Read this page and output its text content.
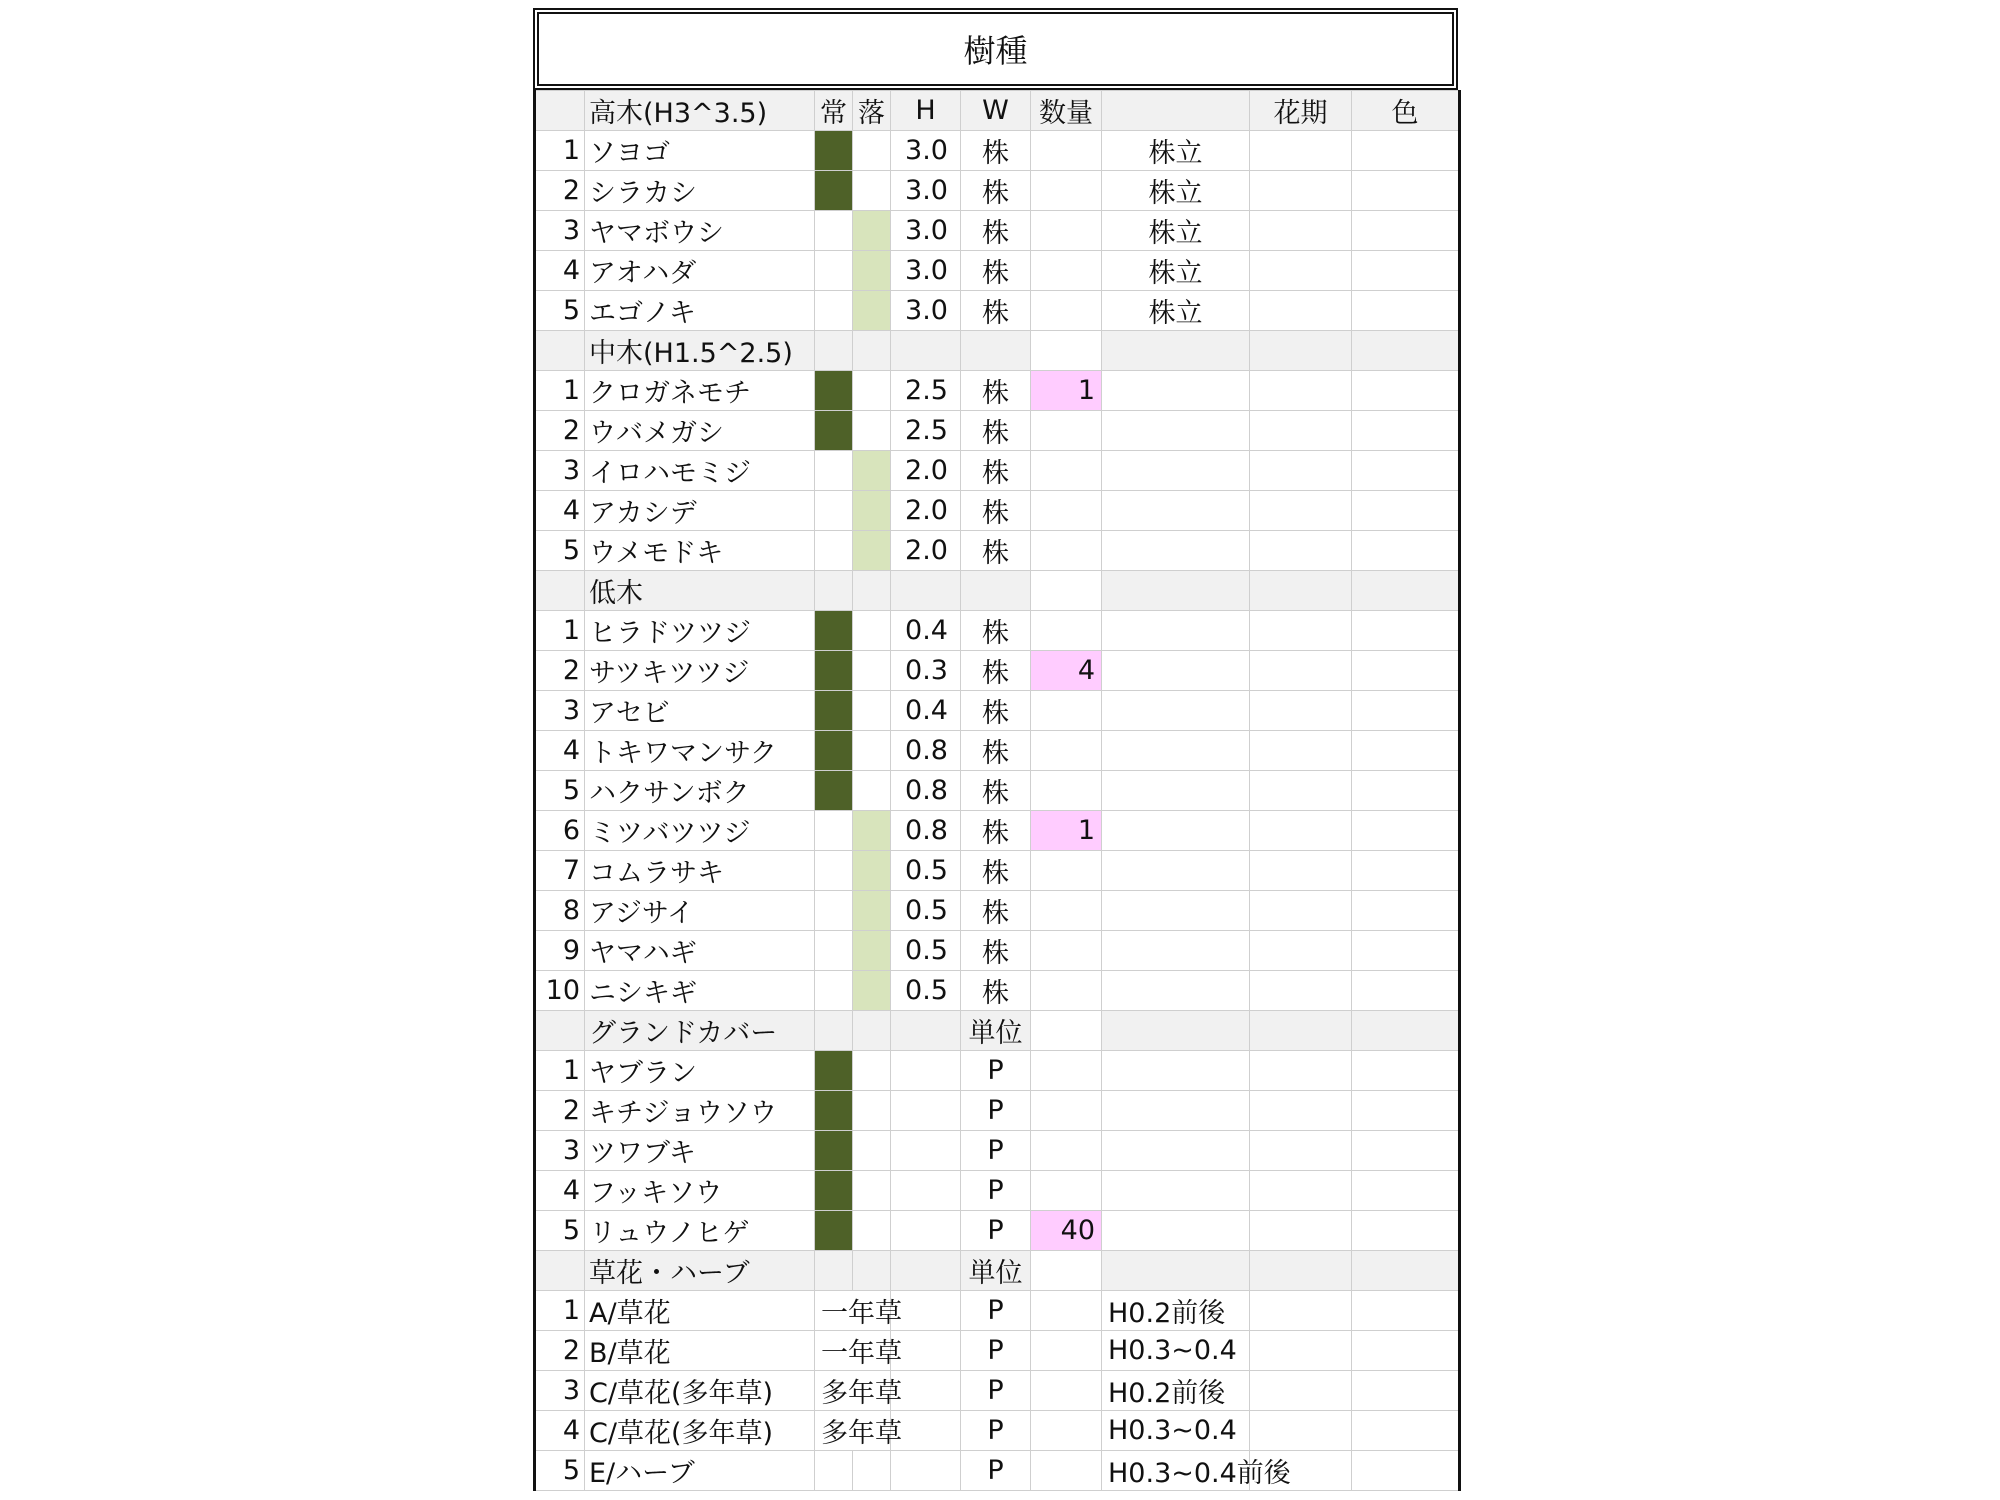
樹種
	高木(H3^3.5)	常	落	H	W	数量		花期	色
1	ソヨゴ			3.0	株		株立		
2	シラカシ			3.0	株		株立		
3	ヤマボウシ			3.0	株		株立		
4	アオハダ			3.0	株		株立		
5	エゴノキ			3.0	株		株立		
	中木(H1.5^2.5)								
1	クロガネモチ			2.5	株	1			
2	ウバメガシ			2.5	株				
3	イロハモミジ			2.0	株				
4	アカシデ			2.0	株				
5	ウメモドキ			2.0	株				
	低木								
1	ヒラドツツジ			0.4	株				
2	サツキツツジ			0.3	株	4			
3	アセビ			0.4	株				
4	トキワマンサク			0.8	株				
5	ハクサンボク			0.8	株				
6	ミツバツツジ			0.8	株	1			
7	コムラサキ			0.5	株				
8	アジサイ			0.5	株				
9	ヤマハギ			0.5	株				
10	ニシキギ			0.5	株				
	グランドカバー				単位				
1	ヤブラン				P				
2	キチジョウソウ				P				
3	ツワブキ				P				
4	フッキソウ				P				
5	リュウノヒゲ				P	40			
	草花・ハーブ				単位				
1	A/草花	一年草			P		H0.2前後		
2	B/草花	一年草			P		H0.3~0.4		
3	C/草花(多年草)	多年草			P		H0.2前後		
4	C/草花(多年草)	多年草			P		H0.3~0.4		
5	E/ハーブ				P		H0.3~0.4前後		
